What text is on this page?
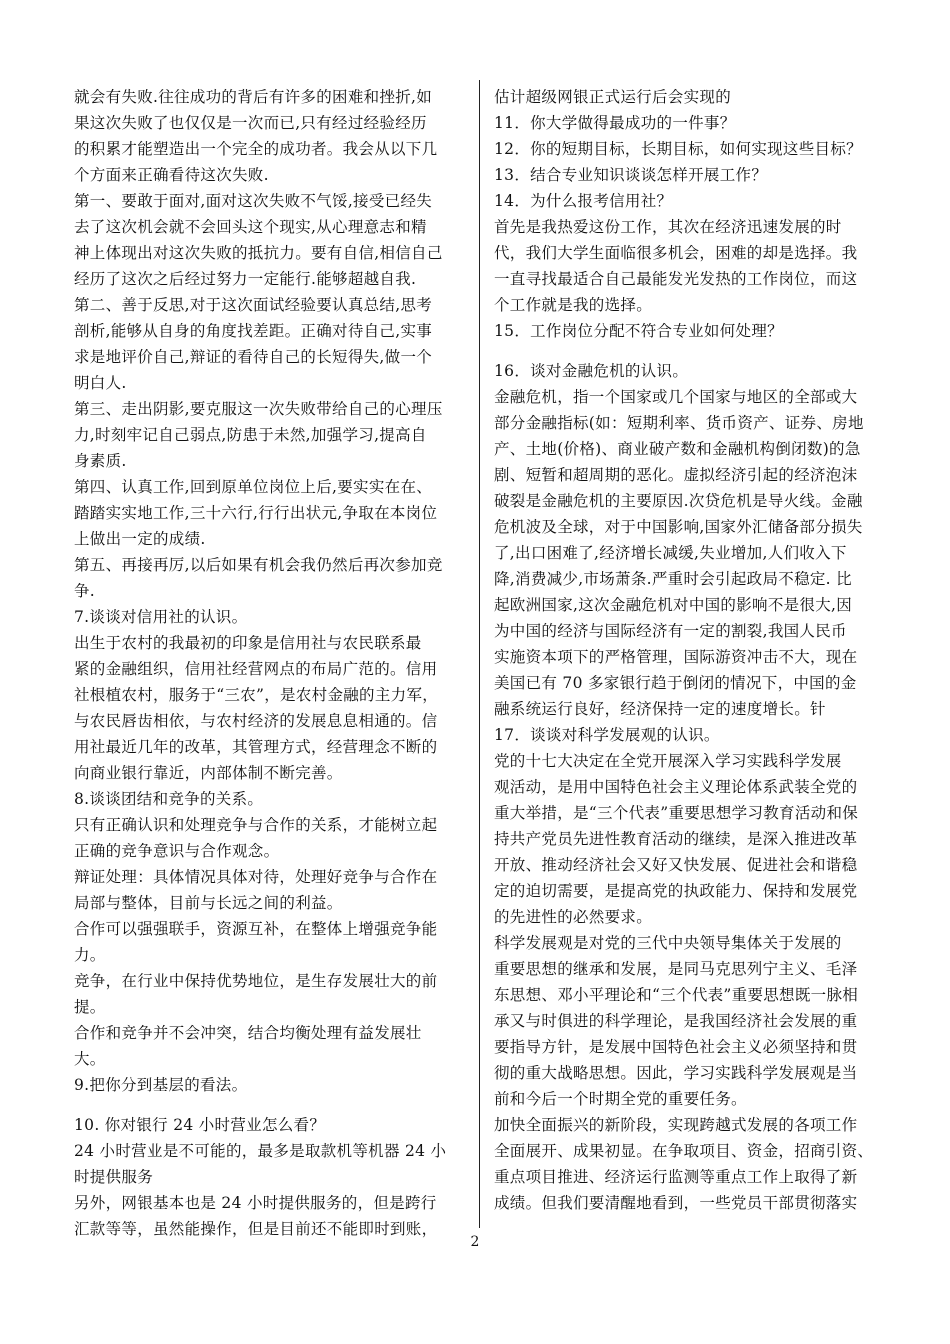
就会有失败.往往成功的背后有许多的困难和挫折,如
果这次失败了也仅仅是一次而已,只有经过经验经历
的积累才能塑造出一个完全的成功者。我会从以下几
个方面来正确看待这次失败.
第一、要敢于面对,面对这次失败不气馁,接受已经失
去了这次机会就不会回头这个现实,从心理意志和精
神上体现出对这次失败的抵抗力。要有自信,相信自己
经历了这次之后经过努力一定能行.能够超越自我.
第二、善于反思,对于这次面试经验要认真总结,思考
剖析,能够从自身的角度找差距。正确对待自己,实事
求是地评价自己,辩证的看待自己的长短得失,做一个
明白人.
第三、走出阴影,要克服这一次失败带给自己的心理压
力,时刻牢记自己弱点,防患于未然,加强学习,提高自
身素质.
第四、认真工作,回到原单位岗位上后,要实实在在、
踏踏实实地工作,三十六行,行行出状元,争取在本岗位
上做出一定的成绩.
第五、再接再厉,以后如果有机会我仍然后再次参加竞
争.
7.谈谈对信用社的认识。
出生于农村的我最初的印象是信用社与农民联系最
紧的金融组织，信用社经营网点的布局广范的。信用
社根植农村，服务于“三农”，是农村金融的主力军，
与农民唇齿相依，与农村经济的发展息息相通的。信
用社最近几年的改革，其管理方式，经营理念不断的
向商业银行靠近，内部体制不断完善。
8.谈谈团结和竞争的关系。
只有正确认识和处理竞争与合作的关系，才能树立起
正确的竞争意识与合作观念。
辩证处理：具体情况具体对待，处理好竞争与合作在
局部与整体，目前与长远之间的利益。
合作可以强强联手，资源互补，在整体上增强竞争能
力。
竞争，在行业中保持优势地位，是生存发展壮大的前
提。
合作和竞争并不会冲突，结合均衡处理有益发展壮
大。
9.把你分到基层的看法。
10. 你对银行 24 小时营业怎么看？
24 小时营业是不可能的，最多是取款机等机器 24 小
时提供服务
另外，网银基本也是 24 小时提供服务的，但是跨行
汇款等等，虽然能操作，但是目前还不能即时到账，
估计超级网银正式运行后会实现的
11．你大学做得最成功的一件事？
12．你的短期目标，长期目标，如何实现这些目标？
13．结合专业知识谈谈怎样开展工作？
14．为什么报考信用社？
首先是我热爱这份工作，其次在经济迅速发展的时
代，我们大学生面临很多机会，困难的却是选择。我
一直寻找最适合自己最能发光发热的工作岗位，而这
个工作就是我的选择。
15．工作岗位分配不符合专业如何处理？
16．谈对金融危机的认识。
金融危机，指一个国家或几个国家与地区的全部或大
部分金融指标(如：短期利率、货币资产、证券、房地
产、土地(价格)、商业破产数和金融机构倒闭数)的急
剧、短暂和超周期的恶化。虚拟经济引起的经济泡沫
破裂是金融危机的主要原因.次贷危机是导火线。金融
危机波及全球，对于中国影响,国家外汇储备部分损失
了,出口困难了,经济增长减缓,失业增加,人们收入下
降,消费减少,市场萧条.严重时会引起政局不稳定. 比
起欧洲国家,这次金融危机对中国的影响不是很大,因
为中国的经济与国际经济有一定的割裂,我国人民币
实施资本项下的严格管理，国际游资冲击不大，现在
美国已有 70 多家银行趋于倒闭的情况下，中国的金
融系统运行良好，经济保持一定的速度增长。针
17．谈谈对科学发展观的认识。
党的十七大决定在全党开展深入学习实践科学发展
观活动，是用中国特色社会主义理论体系武装全党的
重大举措，是“三个代表”重要思想学习教育活动和保
持共产党员先进性教育活动的继续，是深入推进改革
开放、推动经济社会又好又快发展、促进社会和谐稳
定的迫切需要，是提高党的执政能力、保持和发展党
的先进性的必然要求。
科学发展观是对党的三代中央领导集体关于发展的
重要思想的继承和发展，是同马克思列宁主义、毛泽
东思想、邓小平理论和“三个代表”重要思想既一脉相
承又与时俱进的科学理论，是我国经济社会发展的重
要指导方针，是发展中国特色社会主义必须坚持和贯
彻的重大战略思想。因此，学习实践科学发展观是当
前和今后一个时期全党的重要任务。
加快全面振兴的新阶段，实现跨越式发展的各项工作
全面展开、成果初显。在争取项目、资金，招商引资、
重点项目推进、经济运行监测等重点工作上取得了新
成绩。但我们要清醒地看到，一些党员干部贯彻落实
2
